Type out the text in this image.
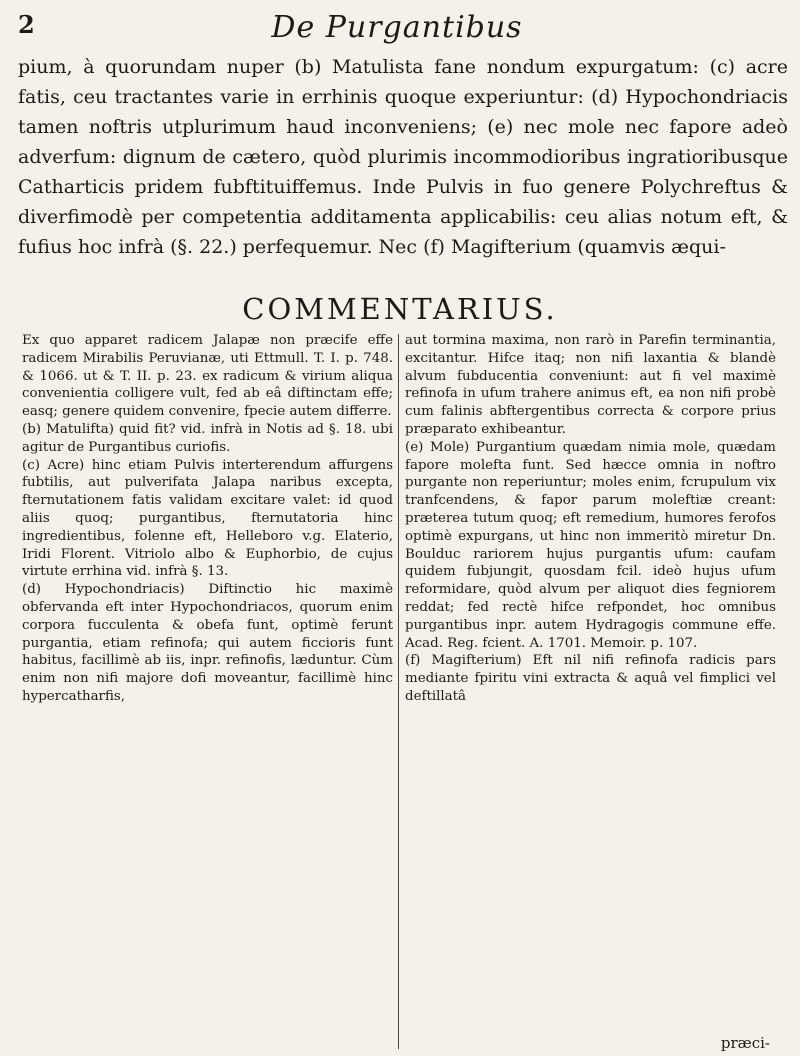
2	De Purgantibus

pium, à quorundam nuper (b) Matulista fane nondum expurgatum: (c) acre fatis, ceu tractantes varie in errhinis quoque experiuntur: (d) Hypochondriacis tamen noftris utplurimum haud inconveniens; (e) nec mole nec fapore adeò adverfum: dignum de cætero, quòd plurimis incommodioribus ingratioribusque Catharticis pridem fubftituiffemus. Inde Pulvis in fuo genere Polychreftus & diverfimodè per competentia additamenta applicabilis: ceu alias notum eft, & fufius hoc infrà (§. 22.) perfequemur. Nec (f) Magifterium (quamvis æqui-

COMMENTARIUS.

Ex quo apparet radicem Jalapæ non præcife effe radicem Mirabilis Peruvianæ, uti Ettmull. T. I. p. 748. & 1066. ut & T. II. p. 23. ex radicum & virium aliqua convenientia colligere vult, fed ab eâ diftinctam effe; easq; genere quidem convenire, fpecie autem differre.

(b) Matulifta) quid fit? vid. infrà in Notis ad §. 18. ubi agitur de Purgantibus curiofis.

(c) Acre) hinc etiam Pulvis interterendum affurgens fubtilis, aut pulverifata Jalapa naribus excepta, fternutationem fatis validam excitare valet: id quod aliis quoq; purgantibus, fternutatoria hinc ingredientibus, folenne eft, Helleboro v.g. Elaterio, Iridi Florent. Vitriolo albo & Euphorbio, de cujus virtute errhina vid. infrà §. 13.

(d) Hypochondriacis) Diftinctio hic maximè obfervanda eft inter Hypochondriacos, quorum enim corpora fucculenta & obefa funt, optimè ferunt purgantia, etiam refinofa; qui autem ficcioris funt habitus, facillimè ab iis, inpr. refinofis, læduntur. Cùm enim non nifi majore dofi moveantur, facillimè hinc hypercatharfis,

aut tormina maxima, non rarò in Parefin terminantia, excitantur. Hifce itaq; non nifi laxantia & blandè alvum fubducentia conveniunt: aut fi vel maximè refinofa in ufum trahere animus eft, ea non nifi probè cum falinis abftergentibus correcta & corpore prius præparato exhibeantur.

(e) Mole) Purgantium quædam nimia mole, quædam fapore molefta funt. Sed hæcce omnia in noftro purgante non reperiuntur; moles enim, fcrupulum vix tranfcendens, & fapor parum moleftiæ creant: præterea tutum quoq; eft remedium, humores ferofos optimè expurgans, ut hinc non immeritò miretur Dn. Boulduc rariorem hujus purgantis ufum: caufam quidem fubjungit, quosdam fcil. ideò hujus ufum reformidare, quòd alvum per aliquot dies fegniorem reddat; fed rectè hifce refpondet, hoc omnibus purgantibus inpr. autem Hydragogis commune effe. Acad. Reg. fcient. A. 1701. Memoir. p. 107.

(f) Magifterium) Eft nil nifi refinofa radicis pars mediante fpiritu vini extracta & aquâ vel fimplici vel deftillatâ

præci-
